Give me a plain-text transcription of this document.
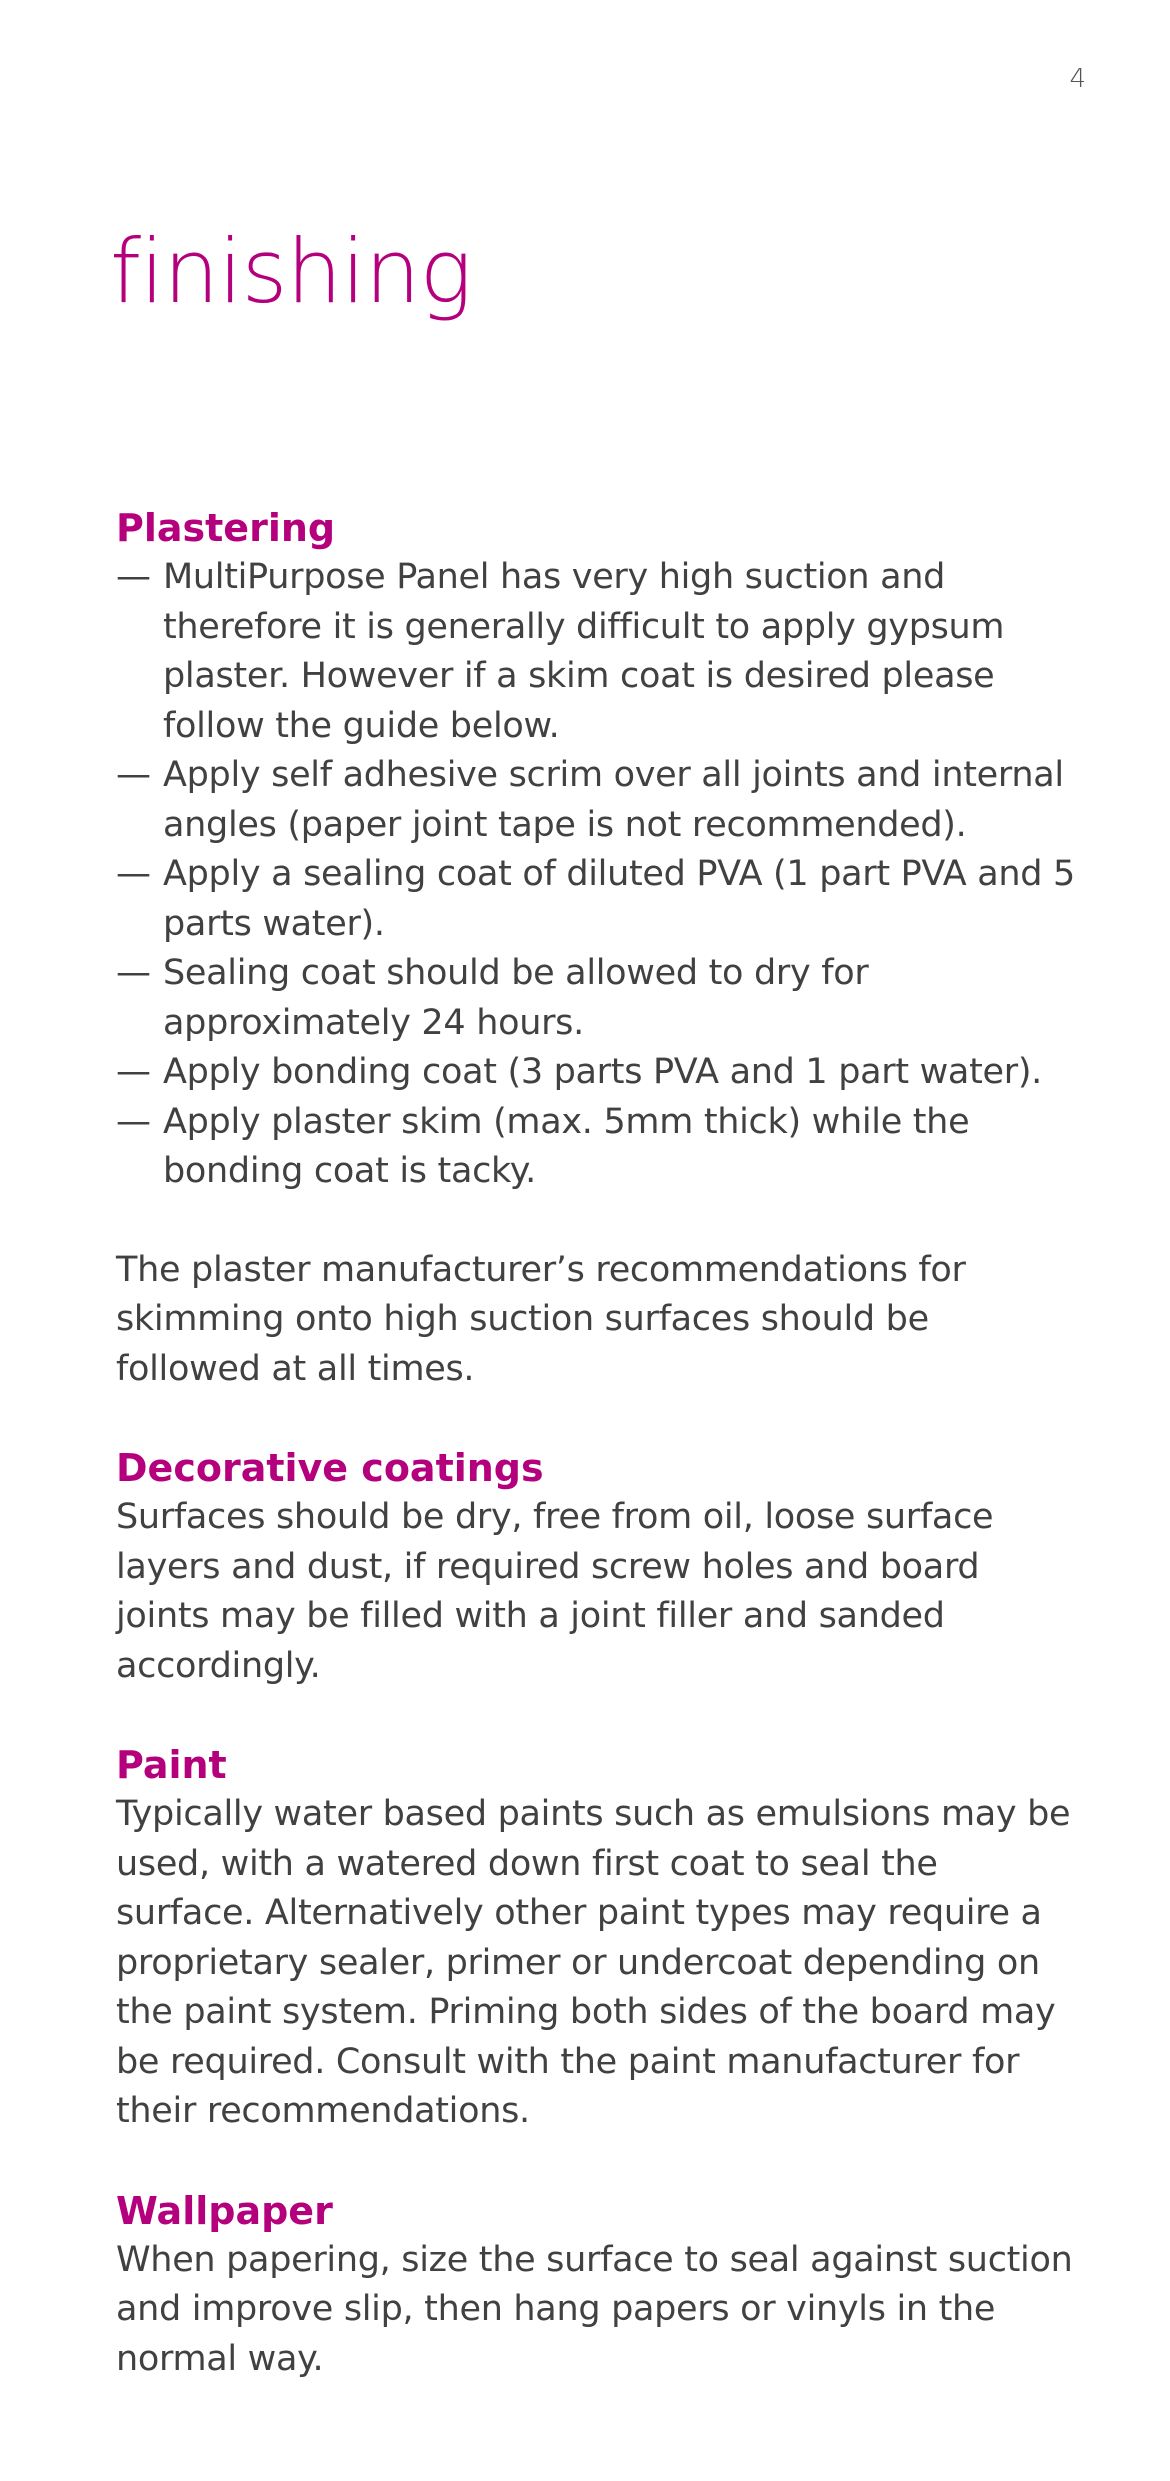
4
finishing
Plastering
— MultiPurpose Panel has very high suction and therefore it is generally difficult to apply gypsum plaster. However if a skim coat is desired please follow the guide below.
— Apply self adhesive scrim over all joints and internal angles (paper joint tape is not recommended).
— Apply a sealing coat of diluted PVA (1 part PVA and 5 parts water).
— Sealing coat should be allowed to dry for approximately 24 hours.
— Apply bonding coat (3 parts PVA and 1 part water).
— Apply plaster skim (max. 5mm thick) while the bonding coat is tacky.

The plaster manufacturer’s recommendations for skimming onto high suction surfaces should be followed at all times.

Decorative coatings

Surfaces should be dry, free from oil, loose surface layers and dust, if required screw holes and board joints may be filled with a joint filler and sanded accordingly.

Paint

Typically water based paints such as emulsions may be used, with a watered down first coat to seal the surface. Alternatively other paint types may require a proprietary sealer, primer or undercoat depending on the paint system. Priming both sides of the board may be required. Consult with the paint manufacturer for their recommendations.

Wallpaper

When papering, size the surface to seal against suction and improve slip, then hang papers or vinyls in the normal way.
